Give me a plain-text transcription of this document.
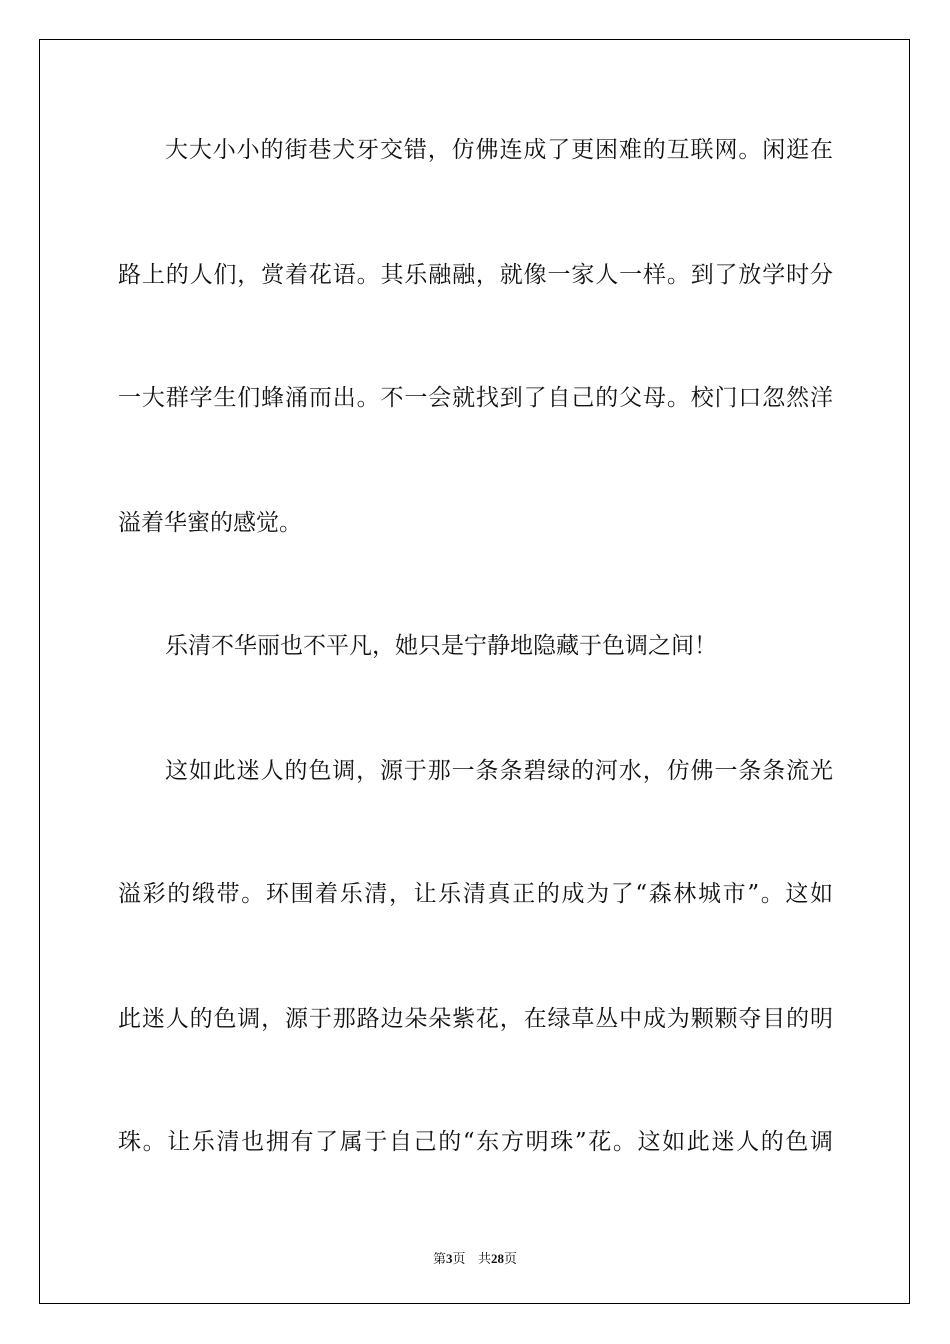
大大小小的街巷犬牙交错，仿佛连成了更困难的互联网。闲逛在
路上的人们，赏着花语。其乐融融，就像一家人一样。到了放学时分
一大群学生们蜂涌而出。不一会就找到了自己的父母。校门口忽然洋
溢着华蜜的感觉。
乐清不华丽也不平凡，她只是宁静地隐藏于色调之间！
这如此迷人的色调，源于那一条条碧绿的河水，仿佛一条条流光
溢彩的缎带。环围着乐清，让乐清真正的成为了“森林城市”。这如
此迷人的色调，源于那路边朵朵紫花，在绿草丛中成为颗颗夺目的明
珠。让乐清也拥有了属于自己的“东方明珠”花。这如此迷人的色调
第3页 共28页
